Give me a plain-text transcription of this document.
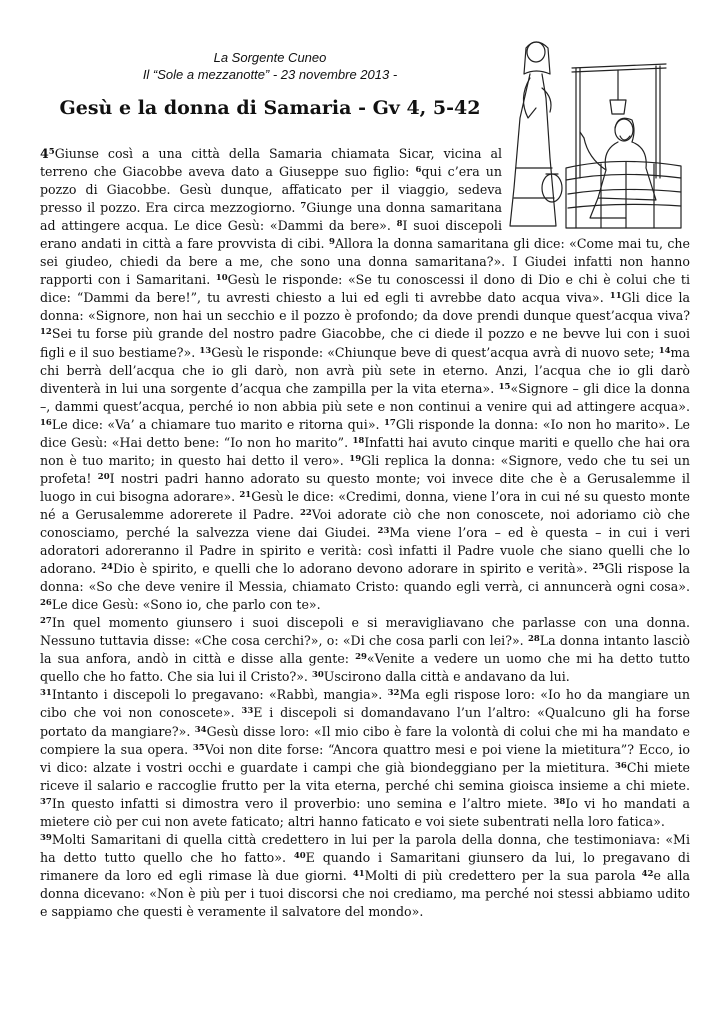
La Sorgente Cuneo
Il “Sole a mezzanotte” - 23 novembre 2013 -
Gesù e la donna di Samaria - Gv 4, 5-42

$4^5Giunse$ così a una città della Samaria chiamata Sicar, vicina al terreno che Giacobbe aveva dato a Giuseppe suo figlio: $^6$qui c’era un pozzo di Giacobbe. Gesù dunque, affaticato per il viaggio, sedeva presso il pozzo. Era circa mezzogiorno. $^7$Giunge una donna samaritana ad attingere acqua. Le dice Gesù: «Dammi da bere». $^8$I suoi discepoli erano andati in città a fare provvista di cibi. $^9$Allora la donna samaritana gli dice: «Come mai tu, che sei giudeo, chiedi da bere a me, che sono una donna samaritana?». I Giudei infatti non hanno rapporti con i Samaritani. $^{10}$Gesù le risponde: «Se tu conoscessi il dono di Dio e chi è colui che ti dice: “Dammi da bere!”, tu avresti chiesto a lui ed egli ti avrebbe dato acqua viva». $^{11}$Gli dice la donna: «Signore, non hai un secchio e il pozzo è profondo; da dove prendi dunque quest’acqua viva? $^{12}$Sei tu forse più grande del nostro padre Giacobbe, che ci diede il pozzo e ne bevve lui con i suoi figli e il suo bestiame?». $^{13}$Gesù le risponde: «Chiunque beve di quest’acqua avrà di nuovo sete; $^{14}$ma chi berrà dell’acqua che io gli darò, non avrà più sete in eterno. Anzi, l’acqua che io gli darò diventerà in lui una sorgente d’acqua che zampilla per la vita eterna». $^{15}$«Signore – gli dice la donna –, dammi quest’acqua, perché io non abbia più sete e non continui a venire qui ad attingere acqua». $^{16}$Le dice: «Va’ a chiamare tuo marito e ritorna qui». $^{17}$Gli risponde la donna: «Io non ho marito». Le dice Gesù: «Hai detto bene: “Io non ho marito”. $^{18}$Infatti hai avuto cinque mariti e quello che hai ora non è tuo marito; in questo hai detto il vero». $^{19}$Gli replica la donna: «Signore, vedo che tu sei un profeta! $^{20}$I nostri padri hanno adorato su questo monte; voi invece dite che è a Gerusalemme il luogo in cui bisogna adorare». $^{21}$Gesù le dice: «Credimi, donna, viene l’ora in cui né su questo monte né a Gerusalemme adorerete il Padre. $^{22}$Voi adorate ciò che non conoscete, noi adoriamo ciò che conosciamo, perché la salvezza viene dai Giudei. $^{23}$Ma viene l’ora – ed è questa – in cui i veri adoratori adoreranno il Padre in spirito e verità: così infatti il Padre vuole che siano quelli che lo adorano. $^{24}$Dio è spirito, e quelli che lo adorano devono adorare in spirito e verità». $^{25}$Gli rispose la donna: «So che deve venire il Messia, chiamato Cristo: quando egli verrà, ci annuncerà ogni cosa». $^{26}$Le dice Gesù: «Sono io, che parlo con te».

$^{27}$In quel momento giunsero i suoi discepoli e si meravigliavano che parlasse con una donna. Nessuno tuttavia disse: «Che cosa cerchi?», o: «Di che cosa parli con lei?». $^{28}$La donna intanto lasciò la sua anfora, andò in città e disse alla gente: $^{29}$«Venite a vedere un uomo che mi ha detto tutto quello che ho fatto. Che sia lui il Cristo?». $^{30}$Uscirono dalla città e andavano da lui.

$^{31}$Intanto i discepoli lo pregavano: «Rabbì, mangia». $^{32}$Ma egli rispose loro: «Io ho da mangiare un cibo che voi non conoscete». $^{33}$E i discepoli si domandavano l’un l’altro: «Qualcuno gli ha forse portato da mangiare?». $^{34}$Gesù disse loro: «Il mio cibo è fare la volontà di colui che mi ha mandato e compiere la sua opera. $^{35}$Voi non dite forse: “Ancora quattro mesi e poi viene la mietitura”? Ecco, io vi dico: alzate i vostri occhi e guardate i campi che già biondeggiano per la mietitura. $^{36}$Chi miete riceve il salario e raccoglie frutto per la vita eterna, perché chi semina gioisca insieme a chi miete. $^{37}$In questo infatti si dimostra vero il proverbio: uno semina e l’altro miete. $^{38}$Io vi ho mandati a mietere ciò per cui non avete faticato; altri hanno faticato e voi siete subentrati nella loro fatica».

$^{39}$Molti Samaritani di quella città credettero in lui per la parola della donna, che testimoniava: «Mi ha detto tutto quello che ho fatto». $^{40}$E quando i Samaritani giunsero da lui, lo pregavano di rimanere da loro ed egli rimase là due giorni. $^{41}$Molti di più credettero per la sua parola $^{42}$e alla donna dicevano: «Non è più per i tuoi discorsi che noi crediamo, ma perché noi stessi abbiamo udito e sappiamo che questi è veramente il salvatore del mondo».
